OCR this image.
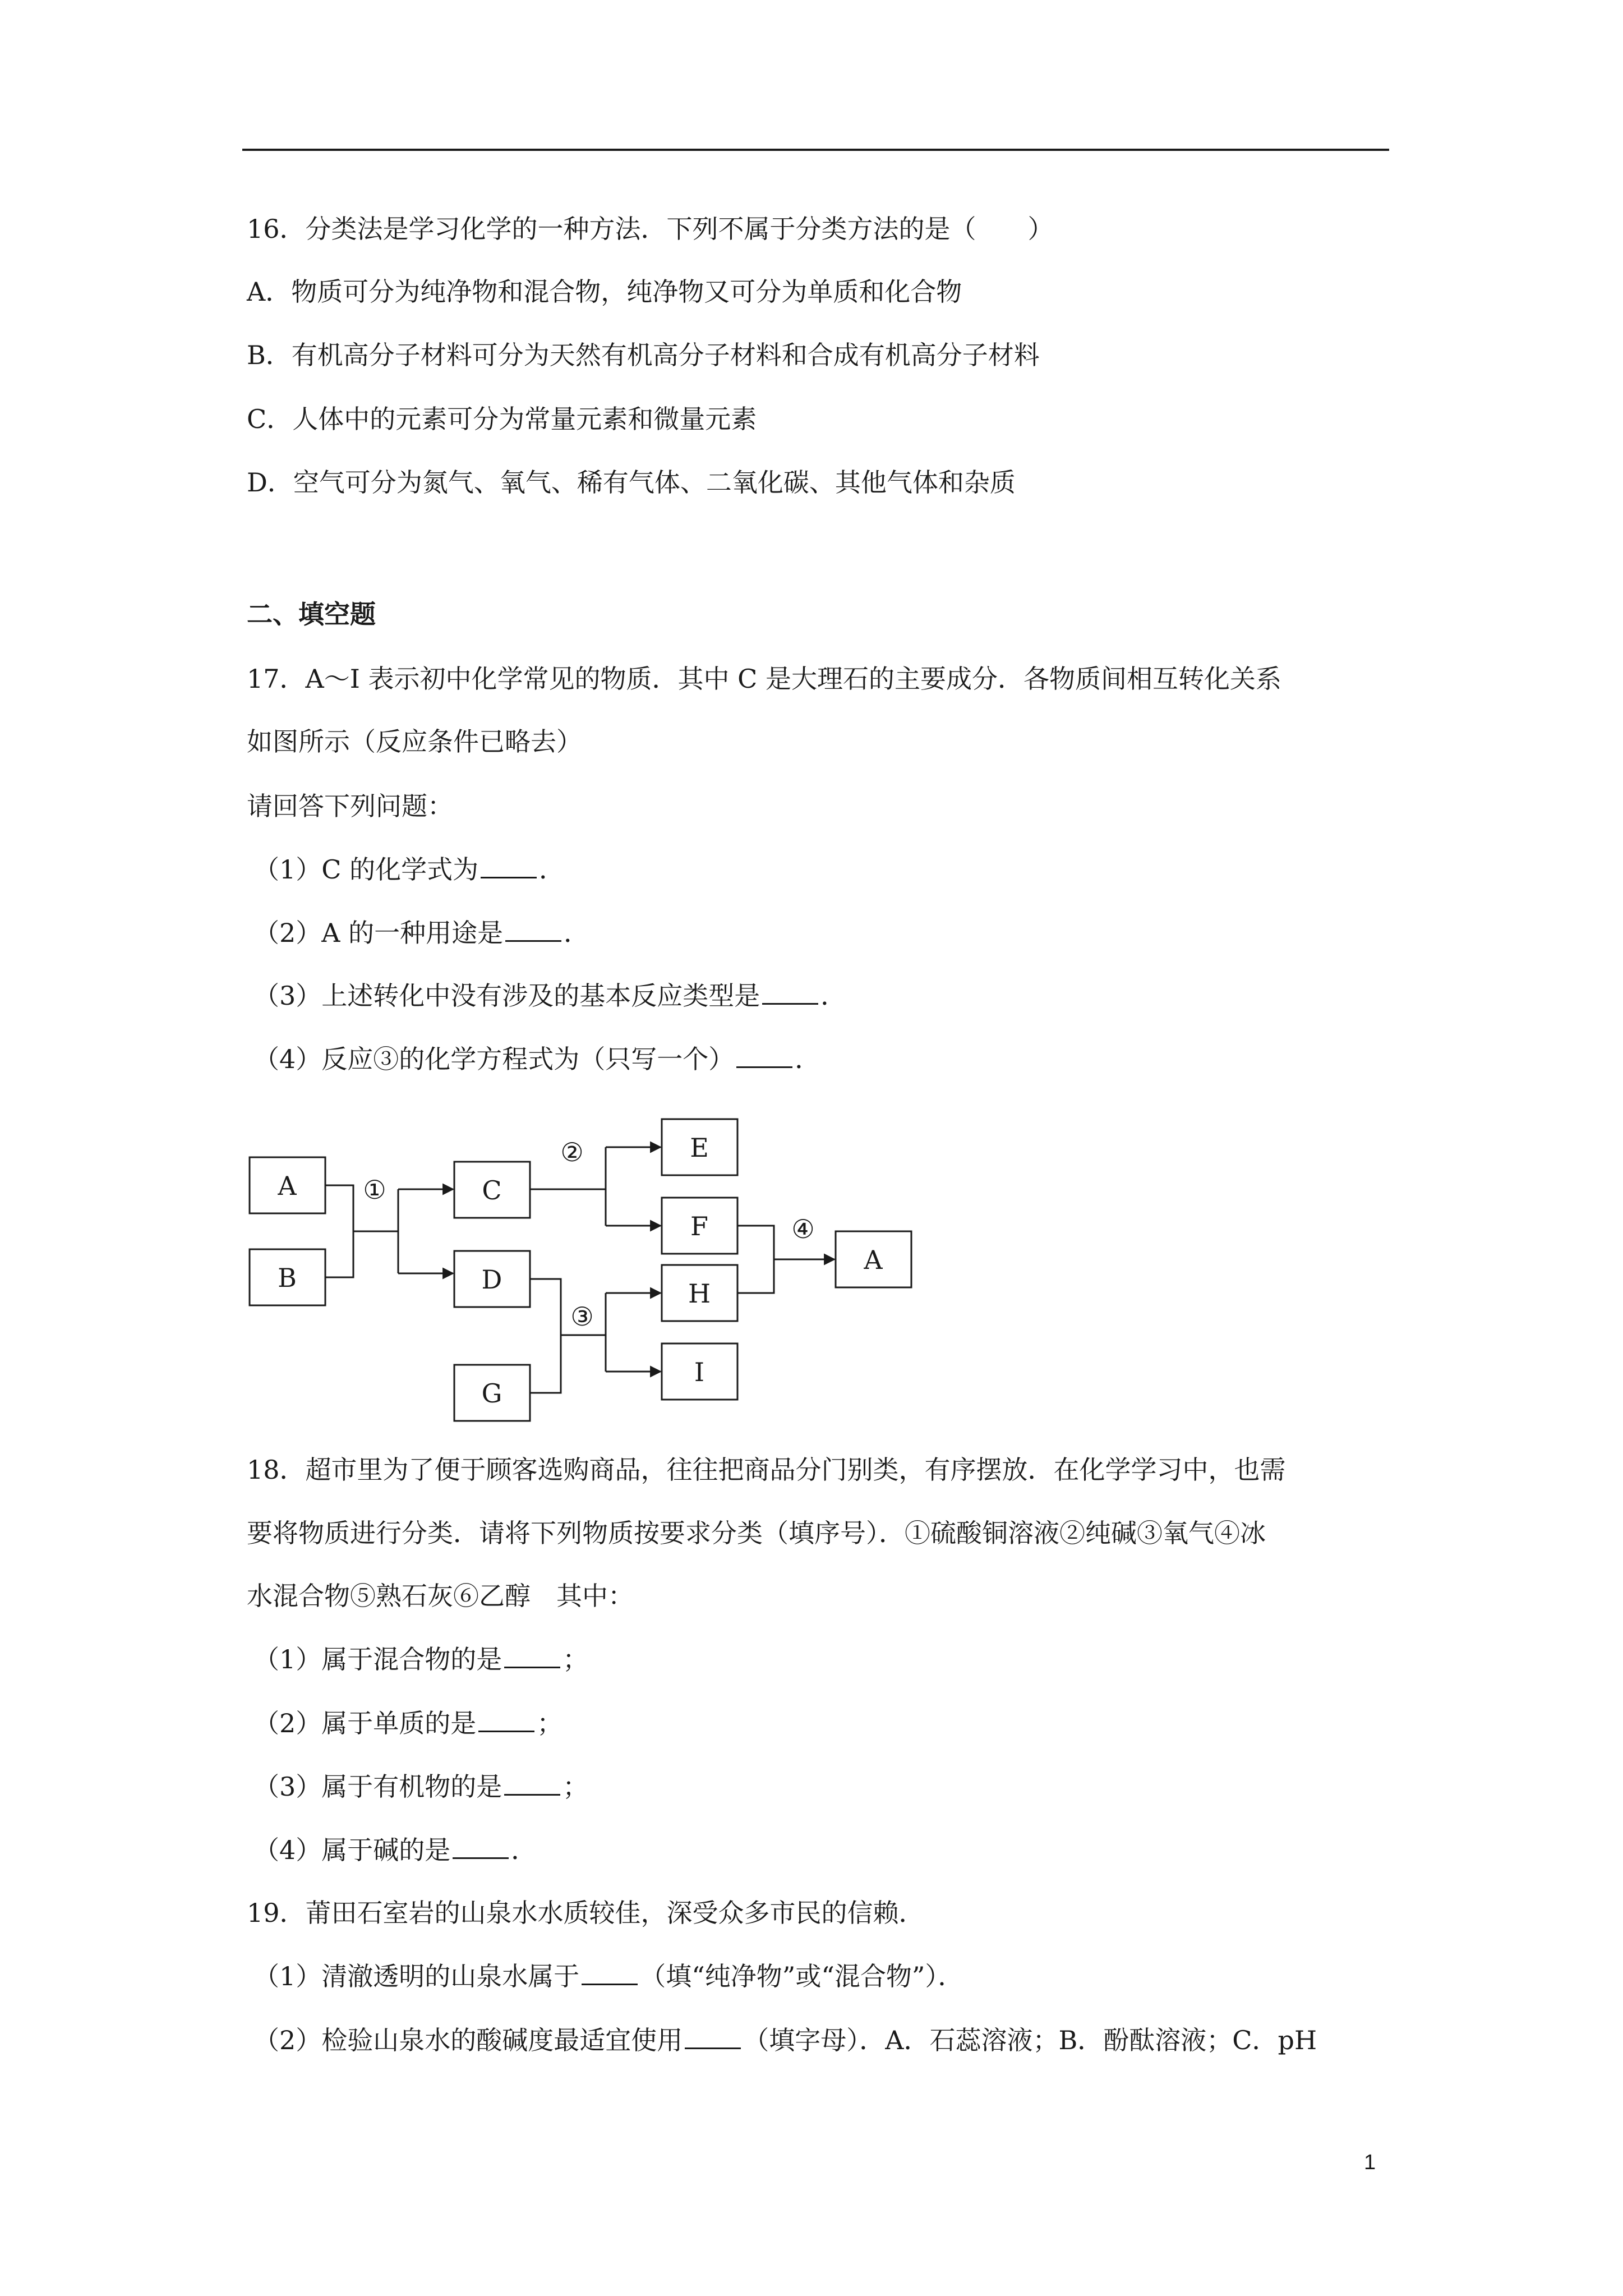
16．分类法是学习化学的一种方法．下列不属于分类方法的是（ ）
A．物质可分为纯净物和混合物，纯净物又可分为单质和化合物
B．有机高分子材料可分为天然有机高分子材料和合成有机高分子材料
C．人体中的元素可分为常量元素和微量元素
D．空气可分为氮气、氧气、稀有气体、二氧化碳、其他气体和杂质
二、填空题
17．A～I 表示初中化学常见的物质．其中 C 是大理石的主要成分．各物质间相互转化关系
如图所示（反应条件已略去）
请回答下列问题：
（1）C 的化学式为 ．
（2）A 的一种用途是 ．
（3）上述转化中没有涉及的基本反应类型是 ．
（4）反应③的化学方程式为（只写一个） ．
A
B
C
D
G
E
F
H
I
A
①
②
③
④
18．超市里为了便于顾客选购商品，往往把商品分门别类，有序摆放．在化学学习中，也需
要将物质进行分类．请将下列物质按要求分类（填序号）．①硫酸铜溶液②纯碱③氧气④冰
水混合物⑤熟石灰⑥乙醇　其中：
（1）属于混合物的是 ；
（2）属于单质的是 ；
（3）属于有机物的是 ；
（4）属于碱的是 ．
19．莆田石室岩的山泉水水质较佳，深受众多市民的信赖．
（1）清澈透明的山泉水属于 （填“纯净物”或“混合物”）．
（2）检验山泉水的酸碱度最适宜使用 （填字母）．A．石蕊溶液；B．酚酞溶液；C．pH
1
